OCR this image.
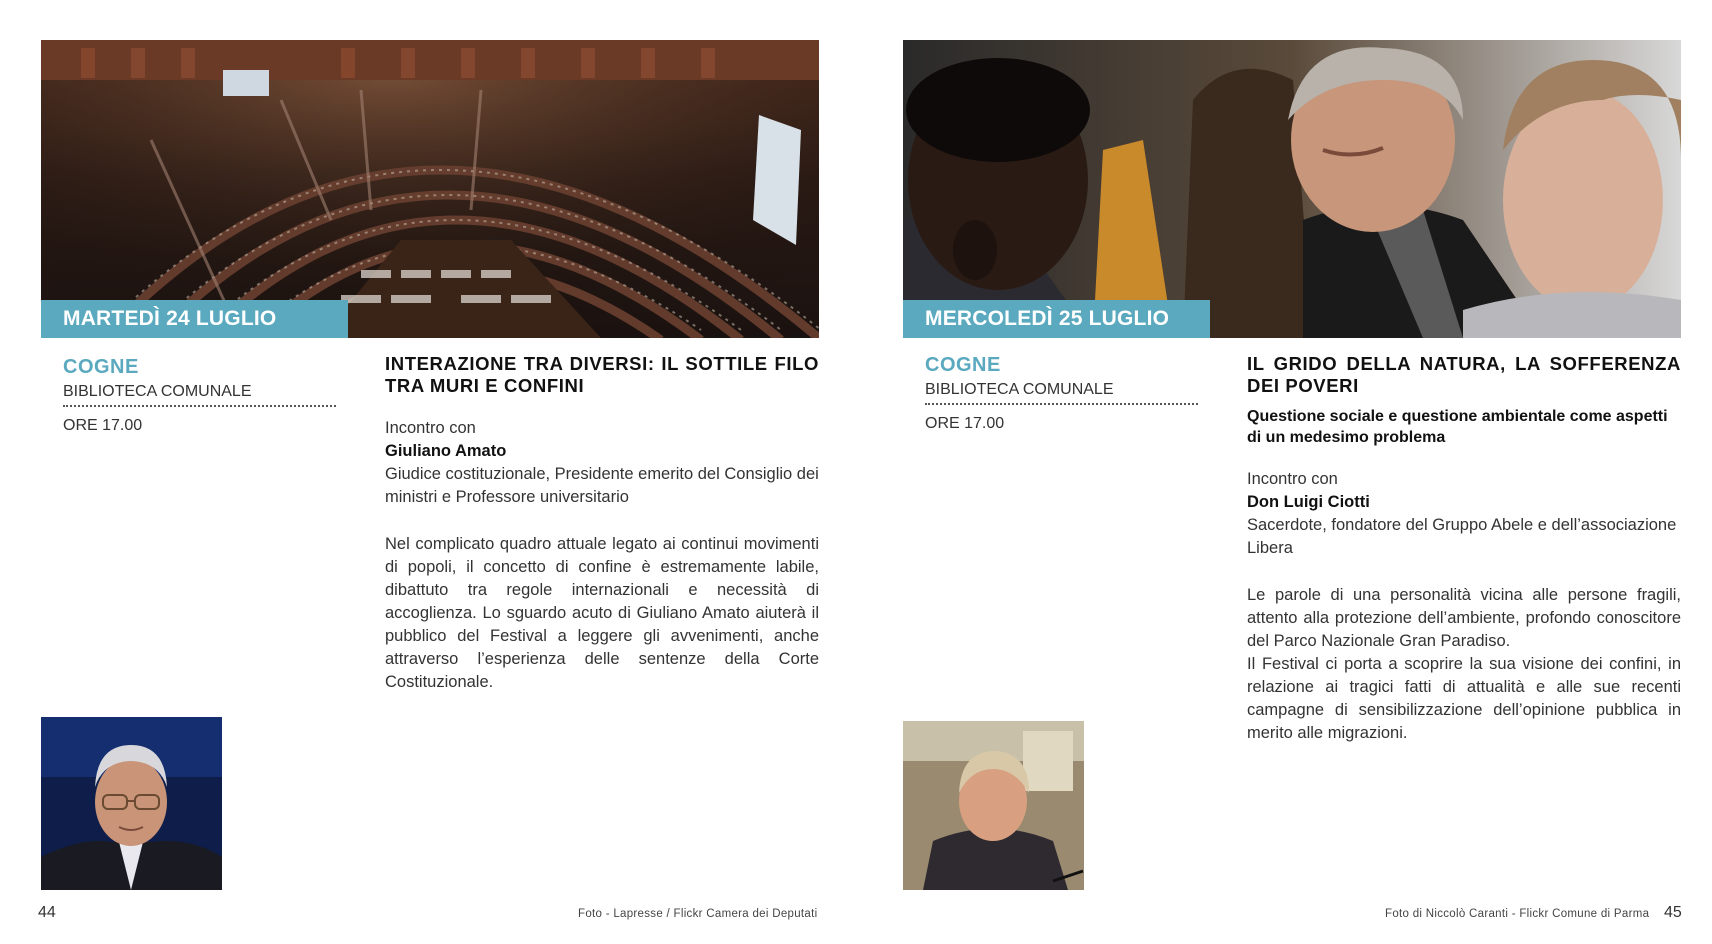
MARTEDÌ 24 LUGLIO
COGNE
BIBLIOTECA COMUNALE
ORE 17.00
INTERAZIONE TRA DIVERSI: IL SOTTILE FILO TRA MURI E CONFINI
Incontro con
Giuliano Amato
Giudice costituzionale, Presidente emerito del Consiglio dei ministri e Professore universitario
Nel complicato quadro attuale legato ai continui movimenti di popoli, il concetto di confine è estremamente labile, dibattuto tra regole internazionali e necessità di accoglienza. Lo sguardo acuto di Giuliano Amato aiuterà il pubblico del Festival a leggere gli avvenimenti, anche attraverso l’esperienza delle sentenze della Corte Costituzionale.
44	Foto - Lapresse / Flickr Camera dei Deputati
MERCOLEDÌ 25 LUGLIO
COGNE
BIBLIOTECA COMUNALE
ORE 17.00
IL GRIDO DELLA NATURA, LA SOFFERENZA DEI POVERI
Questione sociale e questione ambientale come aspetti di un medesimo problema
Incontro con
Don Luigi Ciotti
Sacerdote, fondatore del Gruppo Abele e dell’associazione Libera
Le parole di una personalità vicina alle persone fragili, attento alla protezione dell’ambiente, profondo conoscitore del Parco Nazionale Gran Paradiso.
Il Festival ci porta a scoprire la sua visione dei confini, in relazione ai tragici fatti di attualità e alle sue recenti campagne di sensibilizzazione dell’opinione pubblica in merito alle migrazioni.
Foto di Niccolò Caranti - Flickr Comune di Parma 45
